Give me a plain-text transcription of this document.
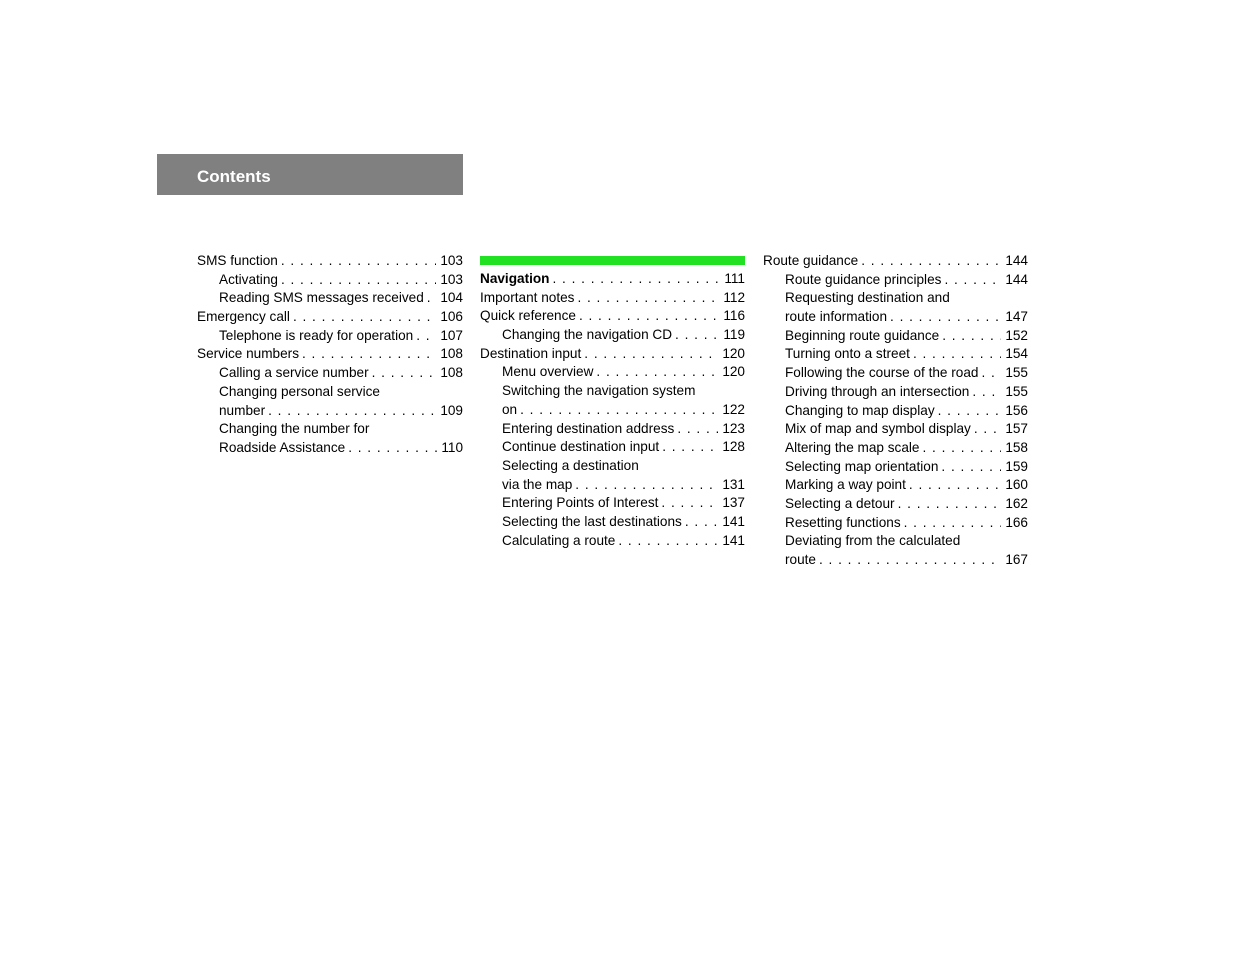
Contents
SMS function . . .	103
Activating . . .	103
Reading SMS messages received . . . 104
Emergency call . . .	106
Telephone is ready for operation . . . 107
Service numbers . . .	108
Calling a service number . . .	108
Changing personal service
number . . .	109
Changing the number for
Roadside Assistance . . .	110
Navigation . . .	111
Important notes . . .	112
Quick reference . . .	116
Changing the navigation CD . . .	119
Destination input . . .	120
Menu overview . . .	120
Switching the navigation system
on . . .	122
Entering destination address . . .	123
Continue destination input . . .	128
Selecting a destination
via the map . . .	131
Entering Points of Interest . . .	137
Selecting the last destinations . . .	141
Calculating a route . . .	141
Route guidance . . .	144
Route guidance principles . . .	144
Requesting destination and
route information . . .	147
Beginning route guidance . . .	152
Turning onto a street . . .	154
Following the course of the road . . . 155
Driving through an intersection . . .	155
Changing to map display . . .	156
Mix of map and symbol display . . .	157
Altering the map scale . . .	158
Selecting map orientation . . .	159
Marking a way point . . .	160
Selecting a detour . . .	162
Resetting functions . . .	166
Deviating from the calculated
route . . .	167
